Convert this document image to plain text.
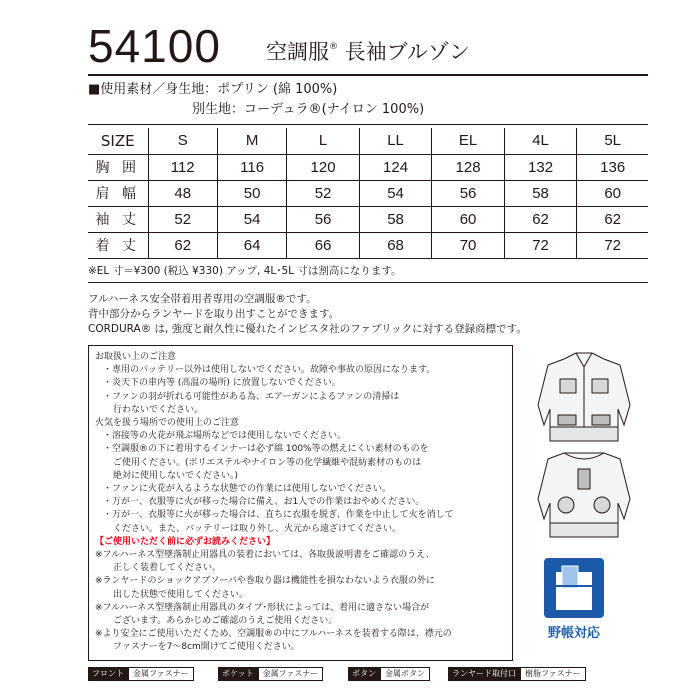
54100 空調服® 長袖ブルゾン
■使用素材／身生地：ポプリン (綿 100%)
別生地：コーデュラ®(ナイロン 100%)
SIZE	S	M	L	LL	EL	4L	5L
胸 囲	112	116	120	124	128	132	136
肩 幅	48	50	52	54	56	58	60
袖 丈	52	54	56	58	60	62	62
着 丈	62	64	66	68	70	72	72
※EL 寸＝¥300 (税込 ¥330) アップ, 4L･5L 寸は割高になります。
フルハーネス安全帯着用者専用の空調服®です。
背中部分からランヤードを取り出すことができます。
CORDURA® は, 強度と耐久性に優れたインビスタ社のファブリックに対する登録商標です。
お取扱い上のご注意
・専用のバッテリー以外は使用しないでください。故障や事故の原因になります。
・炎天下の車内等 (高温の場所) に放置しないでください。
・ファンの羽が折れる可能性がある為、エアーガンによるファンの清掃は
行わないでください。
火気を扱う場所での使用上のご注意
・溶接等の火花が飛ぶ場所などでは使用しないでください。
・空調服®の下に着用するインナーは必ず綿 100%等の燃えにくい素材のものを
ご使用ください。(ポリエステルやナイロン等の化学繊維や混紡素材のものは
絶対に使用しないでください。)
・ファンに火花が入るような状態での作業には使用しないでください。
・万が一、衣服等に火が移った場合に備え、お1人での作業はおやめください。
・万が一、衣服等に火が移った場合は、直ちに衣服を脱ぎ、作業を中止して火を消して
ください。また、バッテリーは取り外し、火元から遠ざけてください。
【ご使用いただく前に必ずお読みください】
※フルハーネス型墜落制止用器具の装着においては、各取扱説明書をご確認のうえ、
正しく装着してください。
※ランヤードのショックアブソーバや巻取り器は機能性を損なわないよう衣服の外に
出した状態で使用してください。
※フルハーネス型墜落制止用器具のタイプ･形状によっては、着用に適さない場合が
ございます。あらかじめご確認のうえご使用ください。
※より安全にご使用いただくため、空調服®の中にフルハーネスを装着する際は、襟元の
ファスナーを7～8cm開けてご使用ください。
野帳対応
フロント	金属ファスナー	ポケット	金属ファスナー	ボタン	金属ボタン	ランヤード取付口	樹脂ファスナー
